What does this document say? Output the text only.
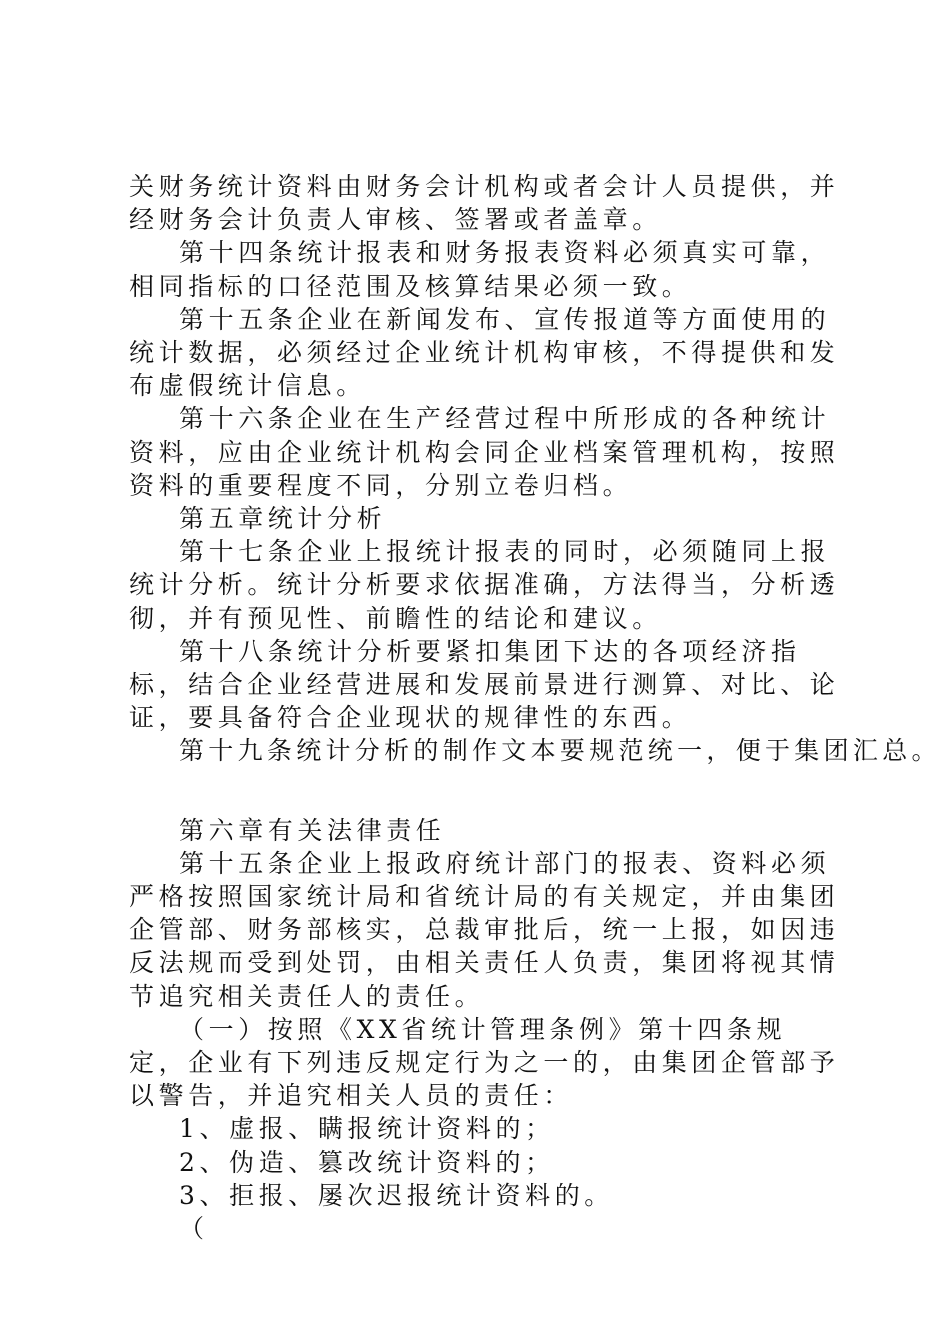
关财务统计资料由财务会计机构或者会计人员提供，并经财务会计负责人审核、签署或者盖章。

第十四条统计报表和财务报表资料必须真实可靠，相同指标的口径范围及核算结果必须一致。

第十五条企业在新闻发布、宣传报道等方面使用的统计数据，必须经过企业统计机构审核，不得提供和发布虚假统计信息。

第十六条企业在生产经营过程中所形成的各种统计资料，应由企业统计机构会同企业档案管理机构，按照资料的重要程度不同，分别立卷归档。

第五章统计分析

第十七条企业上报统计报表的同时，必须随同上报统计分析。统计分析要求依据准确，方法得当，分析透彻，并有预见性、前瞻性的结论和建议。

第十八条统计分析要紧扣集团下达的各项经济指标，结合企业经营进展和发展前景进行测算、对比、论证，要具备符合企业现状的规律性的东西。

第十九条统计分析的制作文本要规范统一，便于集团汇总。

第六章有关法律责任

第十五条企业上报政府统计部门的报表、资料必须严格按照国家统计局和省统计局的有关规定，并由集团企管部、财务部核实，总裁审批后，统一上报，如因违反法规而受到处罚，由相关责任人负责，集团将视其情节追究相关责任人的责任。

（一）按照《XX省统计管理条例》第十四条规定，企业有下列违反规定行为之一的，由集团企管部予以警告，并追究相关人员的责任：

1、虚报、瞒报统计资料的；

2、伪造、篡改统计资料的；

3、拒报、屡次迟报统计资料的。

（
